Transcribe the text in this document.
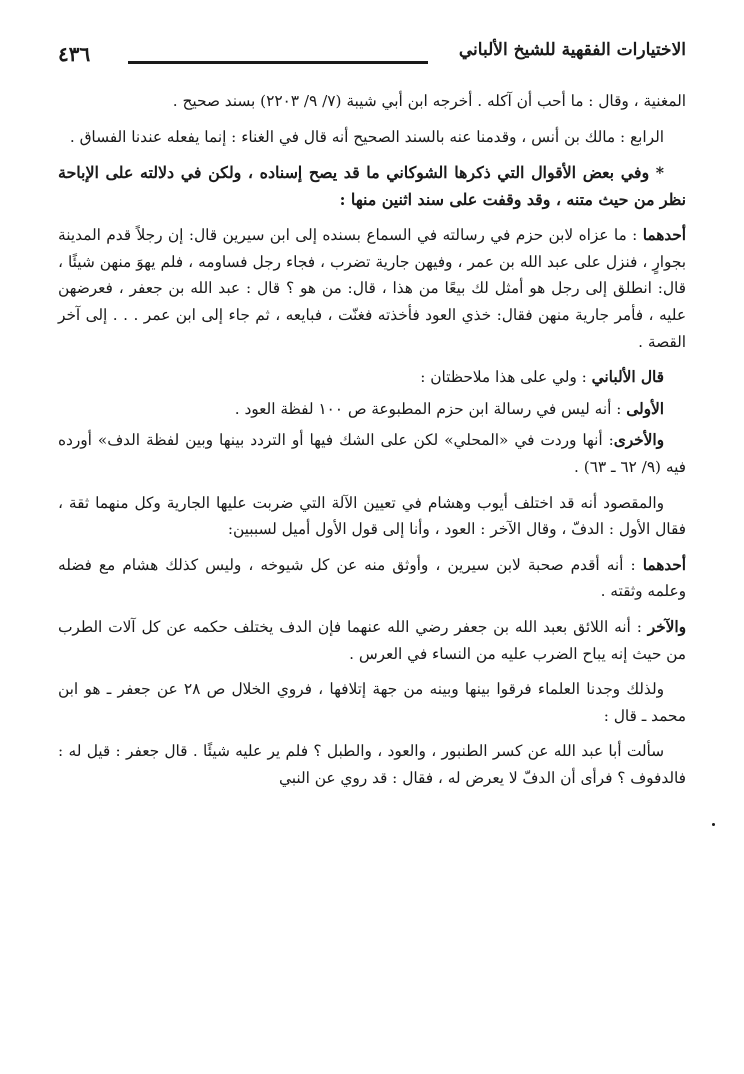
الاختيارات الفقهية للشيخ الألباني
٤٣٦

المغنية ، وقال : ما أحب أن آكله . أخرجه ابن أبي شيبة (٧/ ٩/ ٢٢٠٣) بسند صحيح .

الرابع : مالك بن أنس ، وقدمنا عنه بالسند الصحيح أنه قال في الغناء : إنما يفعله عندنا الفساق .

* وفي بعض الأقوال التي ذكرها الشوكاني ما قد يصح إسناده ، ولكن في دلالته على الإباحة نظر من حيث متنه ، وقد وقفت على سند اثنين منها :

أحدهما : ما عزاه لابن حزم في رسالته في السماع بسنده إلى ابن سيرين قال: إن رجلاً قدم المدينة بجوارٍ ، فنزل على عبد الله بن عمر ، وفيهن جارية تضرب ، فجاء رجل فساومه ، فلم يهوَ منهن شيئًا ، قال: انطلق إلى رجل هو أمثل لك بيعًا من هذا ، قال: من هو ؟ قال : عبد الله بن جعفر ، فعرضهن عليه ، فأمر جارية منهن فقال: خذي العود فأخذته فغنّت ، فبايعه ، ثم جاء إلى ابن عمر . . . إلى آخر القصة .

قال الألباني : ولي على هذا ملاحظتان :

الأولى : أنه ليس في رسالة ابن حزم المطبوعة ص ١٠٠ لفظة العود .

والأخرى: أنها وردت في «المحلي» لكن على الشك فيها أو التردد بينها وبين لفظة الدف» أورده فيه (٩/ ٦٢ ـ ٦٣) .

والمقصود أنه قد اختلف أيوب وهشام في تعيين الآلة التي ضربت عليها الجارية وكل منهما ثقة ، فقال الأول : الدفّ ، وقال الآخر : العود ، وأنا إلى قول الأول أميل لسببين:

أحدهما : أنه أقدم صحبة لابن سيرين ، وأوثق منه عن كل شيوخه ، وليس كذلك هشام مع فضله وعلمه وثقته .

والآخر : أنه اللائق بعبد الله بن جعفر رضي الله عنهما فإن الدف يختلف حكمه عن كل آلات الطرب من حيث إنه يباح الضرب عليه من النساء في العرس .

ولذلك وجدنا العلماء فرقوا بينها وبينه من جهة إتلافها ، فروي الخلال ص ٢٨ عن جعفر ـ هو ابن محمد ـ قال :

سألت أبا عبد الله عن كسر الطنبور ، والعود ، والطبل ؟ فلم ير عليه شيئًا . قال جعفر : قيل له : فالدفوف ؟ فرأى أن الدفّ لا يعرض له ، فقال : قد روي عن النبي
